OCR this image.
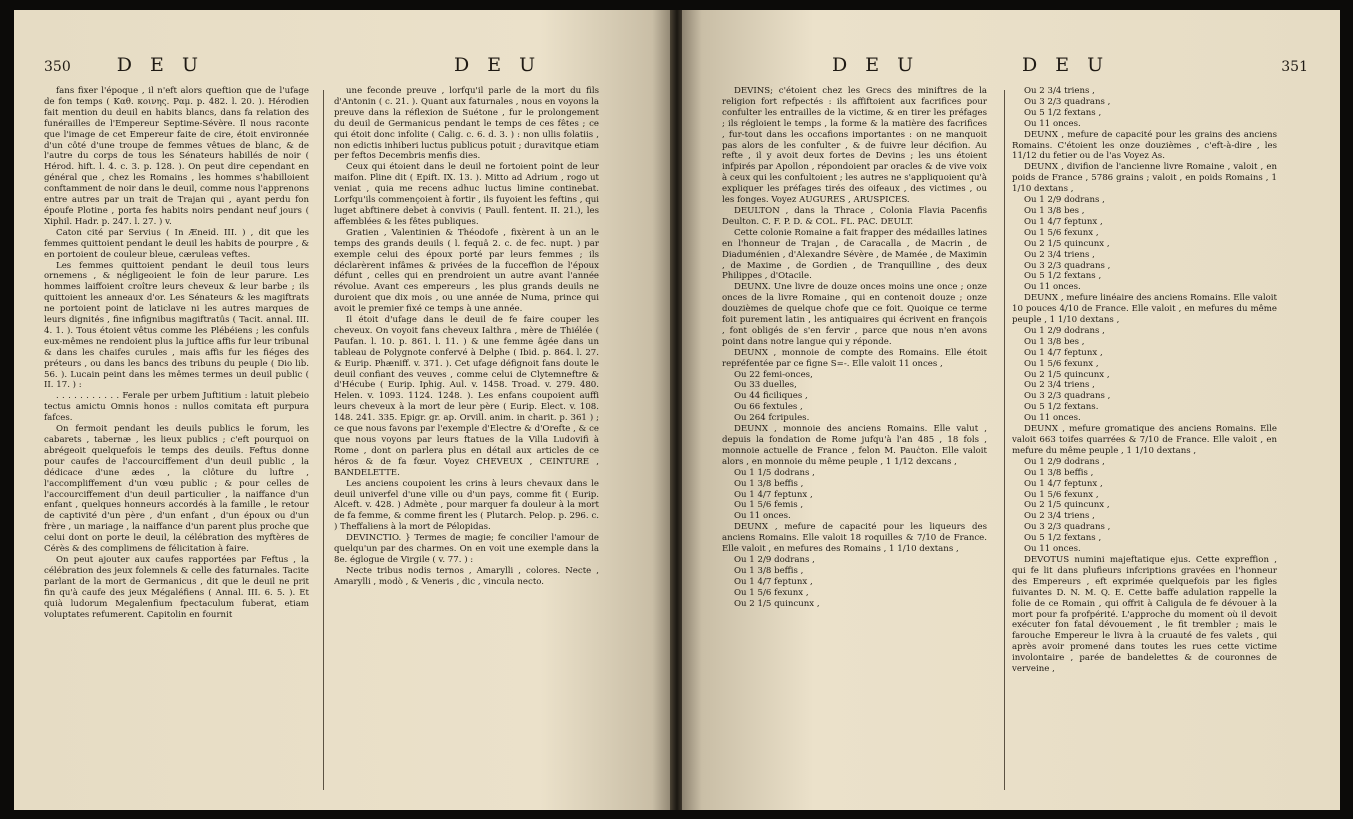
350 D E U	D E U

fans fixer l'époque , il n'eft alors queftion que de l'ufage de fon temps ( Καθ. κοινης. Ραμ. p. 482. l. 20. ). Hérodien fait mention du deuil en habits blancs, dans fa relation des funérailles de l'Empereur Septime-Sévère. Il nous raconte que l'image de cet Empereur faite de cire, étoit environnée d'un côté d'une troupe de femmes vêtues de blanc, & de l'autre du corps de tous les Sénateurs habillés de noir ( Hérod. hift. l. 4. c. 3. p. 128. ). On peut dire cependant en général que , chez les Romains , les hommes s'habilloient conftamment de noir dans le deuil, comme nous l'apprenons entre autres par un trait de Trajan qui , ayant perdu fon époufe Plotine , porta fes habits noirs pendant neuf jours ( Xiphil. Hadr. p. 247. l. 27. ) v.

Caton cité par Servius ( In Æneid. III. ) , dit que les femmes quittoient pendant le deuil les habits de pourpre , & en portoient de couleur bleue, cæruleas veftes.

Les femmes quittoient pendant le deuil tous leurs ornemens , & négligeoient le foin de leur parure. Les hommes laiffoient croître leurs cheveux & leur barbe ; ils quittoient les anneaux d'or. Les Sénateurs & les magiftrats ne portoient point de laticlave ni les autres marques de leurs dignités , fine infignibus magiftratûs ( Tacit. annal. III. 4. 1. ). Tous étoient vêtus comme les Plébéiens ; les confuls eux-mêmes ne rendoient plus la juftice affis fur leur tribunal & dans les chaifes curules , mais affis fur les fiéges des préteurs , ou dans les bancs des tribuns du peuple ( Dio lib. 56. ). Lucain peint dans les mêmes termes un deuil public ( II. 17. ) :

. . . . . . . . . . . Ferale per urbem Juftitium : latuit plebeio tectus amictu Omnis honos : nullos comitata eft purpura fafces.

On fermoit pendant les deuils publics le forum, les cabarets , tabernæ , les lieux publics ; c'eft pourquoi on abrégeoit quelquefois le temps des deuils. Feftus donne pour caufes de l'accourciffement d'un deuil public , la dédicace d'une ædes , la clôture du luftre , l'accompliffement d'un vœu public ; & pour celles de l'accourciffement d'un deuil particulier , la naiffance d'un enfant , quelques honneurs accordés à la famille , le retour de captivité d'un père , d'un enfant , d'un époux ou d'un frère , un mariage , la naiffance d'un parent plus proche que celui dont on porte le deuil, la célébration des myftères de Cérès & des complimens de félicitation à faire.

On peut ajouter aux caufes rapportées par Feftus , la célébration des jeux folemnels & celle des faturnales. Tacite parlant de la mort de Germanicus , dit que le deuil ne prit fin qu'à caufe des jeux Mégaléfiens ( Annal. III. 6. 5. ). Et quià ludorum Megalenfium fpectaculum fuberat, etiam voluptates refumerent. Capitolin en fournit

une feconde preuve , lorfqu'il parle de la mort du fils d'Antonin ( c. 21. ). Quant aux faturnales , nous en voyons la preuve dans la réflexion de Suétone , fur le prolongement du deuil de Germanicus pendant le temps de ces fêtes ; ce qui étoit donc infolite ( Calig. c. 6. d. 3. ) : non ullis folatiis , non edictis inhiberi luctus publicus potuit ; duravitque etiam per feftos Decembris menfis dies.

Ceux qui étoient dans le deuil ne fortoient point de leur maifon. Pline dit ( Epift. IX. 13. ). Mitto ad Adrium , rogo ut veniat , quia me recens adhuc luctus limine continebat. Lorfqu'ils commençoient à fortir , ils fuyoient les feftins , qui luget abftinere debet à convivis ( Paull. fentent. II. 21.), les affemblées & les fêtes publiques.

Gratien , Valentinien & Théodofe , fixèrent à un an le temps des grands deuils ( l. fequâ 2. c. de fec. nupt. ) par exemple celui des époux porté par leurs femmes ; ils déclarèrent infâmes & privées de la fucceffion de l'époux défunt , celles qui en prendroient un autre avant l'année révolue. Avant ces empereurs , les plus grands deuils ne duroient que dix mois , ou une année de Numa, prince qui avoit le premier fixé ce temps à une année.

Il étoit d'ufage dans le deuil de fe faire couper les cheveux. On voyoit fans cheveux Ialthra , mère de Thiélée ( Paufan. l. 10. p. 861. l. 11. ) & une femme âgée dans un tableau de Polygnote confervé à Delphe ( Ibid. p. 864. l. 27. & Eurip. Phæniff. v. 371. ). Cet ufage défignoit fans doute le deuil confiant des veuves , comme celui de Clytemneftre & d'Hécube ( Eurip. Iphig. Aul. v. 1458. Troad. v. 279. 480. Helen. v. 1093. 1124. 1248. ). Les enfans coupoient auffi leurs cheveux à la mort de leur père ( Eurip. Elect. v. 108. 148. 241. 335. Epigr. gr. ap. Orvill. anim. in charit. p. 361 ) ; ce que nous favons par l'exemple d'Electre & d'Orefte , & ce que nous voyons par leurs ftatues de la Villa Ludovifi à Rome , dont on parlera plus en détail aux articles de ce héros & de fa fœur. Voyez CHEVEUX , CEINTURE , BANDELETTE.

Les anciens coupoient les crins à leurs chevaux dans le deuil univerfel d'une ville ou d'un pays, comme fit ( Eurip. Alceft. v. 428. ) Admète , pour marquer fa douleur à la mort de fa femme, & comme firent les ( Plutarch. Pelop. p. 296. c. ) Theffaliens à la mort de Pélopidas.

DEVINCTIO. } Termes de magie; fe concilier l'amour de quelqu'un par des charmes. On en voit une exemple dans la 8e. églogue de Virgile ( v. 77. ) :

Necte tribus nodis ternos , Amarylli , colores. Necte , Amarylli , modò , & Veneris , dic , vincula necto.

D E U	D E U	351

DEVINS; c'étoient chez les Grecs des miniftres de la religion fort refpectés : ils affiftoient aux facrifices pour confulter les entrailles de la victime, & en tirer les préfages ; ils régloient le temps , la forme & la matière des facrifices , fur-tout dans les occafions importantes : on ne manquoit pas alors de les confulter , & de fuivre leur décifion. Au refte , il y avoit deux fortes de Devins ; les uns étoient infpirés par Apollon , répondoient par oracles & de vive voix à ceux qui les confultoient ; les autres ne s'appliquoient qu'à expliquer les préfages tirés des oifeaux , des victimes , ou les fonges. Voyez AUGURES , ARUSPICES.

DEULTON , dans la Thrace , Colonia Flavia Pacenfis Deulton. C. F. P. D. & COL. FL. PAC. DEULT.

Cette colonie Romaine a fait frapper des médailles latines en l'honneur de Trajan , de Caracalla , de Macrin , de Diaduménien , d'Alexandre Sévère , de Mamée , de Maximin , de Maxime , de Gordien , de Tranquilline , des deux Philippes , d'Otacile.

DEUNX. Une livre de douze onces moins une once ; onze onces de la livre Romaine , qui en contenoit douze ; onze douzièmes de quelque chofe que ce foit. Quoique ce terme foit purement latin , les antiquaires qui écrivent en françois , font obligés de s'en fervir , parce que nous n'en avons point dans notre langue qui y réponde.

DEUNX , monnoie de compte des Romains. Elle étoit repréfentée par ce figne S=-. Elle valoit 11 onces ,

Ou 22 femi-onces,

Ou 33 duelles,

Ou 44 ficiliques ,

Ou 66 fextules ,

Ou 264 fcripules.

DEUNX , monnoie des anciens Romains. Elle valut , depuis la fondation de Rome jufqu'à l'an 485 , 18 fols , monnoie actuelle de France , felon M. Pauċton. Elle valoit alors , en monnoie du même peuple , 1 1/12 dexcans ,

Ou 1 1/5 dodrans ,

Ou 1 3/8 beffis ,

Ou 1 4/7 feptunx ,

Ou 1 5/6 femis ,

Ou 11 onces.

DEUNX , mefure de capacité pour les liqueurs des anciens Romains. Elle valoit 18 roquilles & 7/10 de France. Elle valoit , en mefures des Romains , 1 1/10 dextans ,

Ou 1 2/9 dodrans ,

Ou 1 3/8 beffis ,

Ou 1 4/7 feptunx ,

Ou 1 5/6 fexunx ,

Ou 2 1/5 quincunx ,

Ou 2 3/4 triens ,

Ou 3 2/3 quadrans ,

Ou 5 1/2 fextans ,

Ou 11 onces.

DEUNX , mefure de capacité pour les grains des anciens Romains. C'étoient les onze douzièmes , c'eft-à-dire , les 11/12 du fetier ou de l'as Voyez As.

DEUNX , divifion de l'ancienne livre Romaine , valoit , en poids de France , 5786 grains ; valoit , en poids Romains , 1 1/10 dextans ,

Ou 1 2/9 dodrans ,

Ou 1 3/8 bes ,

Ou 1 4/7 feptunx ,

Ou 1 5/6 fexunx ,

Ou 2 1/5 quincunx ,

Ou 2 3/4 triens ,

Ou 3 2/3 quadrans ,

Ou 5 1/2 fextans ,

Ou 11 onces.

DEUNX , mefure linéaire des anciens Romains. Elle valoit 10 pouces 4/10 de France. Elle valoit , en mefures du même peuple , 1 1/10 dextans ,

Ou 1 2/9 dodrans ,

Ou 1 3/8 bes ,

Ou 1 4/7 feptunx ,

Ou 1 5/6 fexunx ,

Ou 2 1/5 quincunx ,

Ou 2 3/4 triens ,

Ou 3 2/3 quadrans ,

Ou 5 1/2 fextans.

Ou 11 onces.

DEUNX , mefure gromatique des anciens Romains. Elle valoit 663 toifes quarrées & 7/10 de France. Elle valoit , en mefure du même peuple , 1 1/10 dextans ,

Ou 1 2/9 dodrans ,

Ou 1 3/8 beffis ,

Ou 1 4/7 feptunx ,

Ou 1 5/6 fexunx ,

Ou 2 1/5 quincunx ,

Ou 2 3/4 triens ,

Ou 3 2/3 quadrans ,

Ou 5 1/2 fextans ,

Ou 11 onces.

DEVOTUS numini majeftatique ejus. Cette expreffion , qui fe lit dans plufieurs infcriptions gravées en l'honneur des Empereurs , eft exprimée quelquefois par les figles fuivantes D. N. M. Q. E. Cette baffe adulation rappelle la folie de ce Romain , qui offrit à Caligula de fe dévouer à la mort pour fa profpérité. L'approche du moment où il devoit exécuter fon fatal dévouement , le fit trembler ; mais le farouche Empereur le livra à la cruauté de fes valets , qui après avoir promené dans toutes les rues cette victime involontaire , parée de bandelettes & de couronnes de verveine ,
